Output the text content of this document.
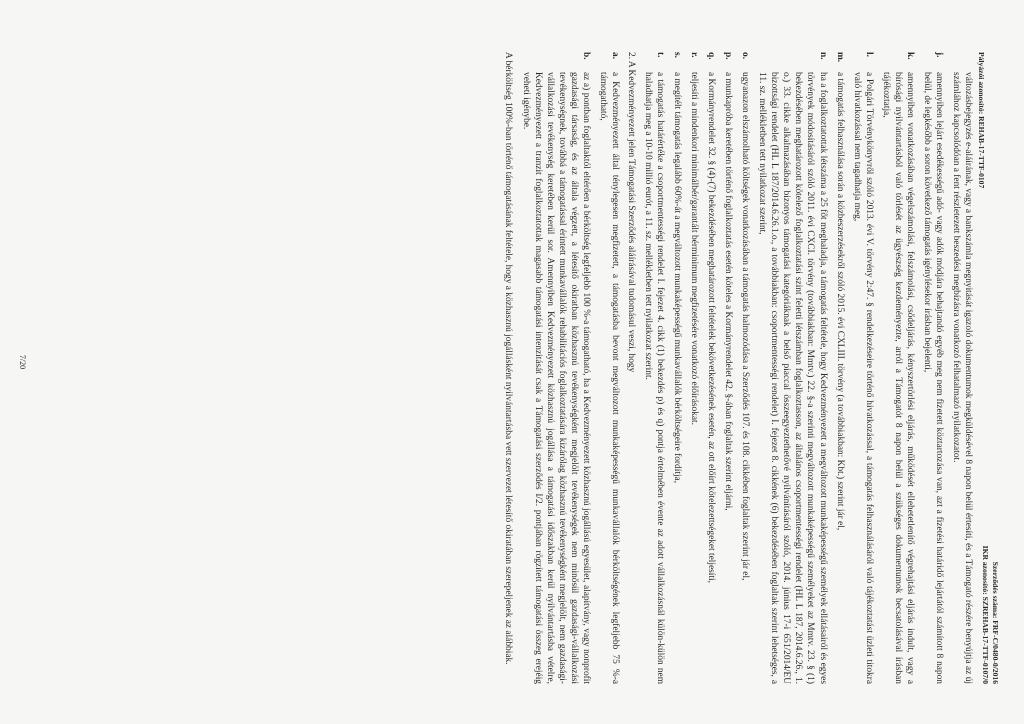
Pályázói azonosító: REHAB-17-TTF-0107
Szerződés száma: FRF-C/0480-0/2016
IKR azonosító: SZREHAB-17-TTF-0107/0
változásbejegyzés e-aláírának, vagy a bankszámla megnyitását igazoló dokumentumok megküldésével 8 napon belül értesíti, és a Támogató részére benyújtja az új számlához kapcsolódóan a fent részletezett beszedési megbízásra vonatkozó felhatalmazó nyilatkozatot.
j.
amennyiben lejárt esedékességű adó- vagy adók módjára behajtandó egyéb meg nem fizetett köztartozása van, azt a fizetési határidő lejártától számított 8 napon belül, de legkésőbb a soron következő támogatás igénylésekor írásban bejelenti,
k.
amennyiben vonatkozásában végelszámolási, felszámolási, csődeljárás, kényszertörlési eljárás, működését ellehetetlenítő végrehajtási eljárás indult, vagy a bírósági nyilvántartásból való törlését az ügyészség kezdeményezte, arról a Támogatót 8 napon belül a szükséges dokumentumok becsatolásával írásban tájékoztatja,
l.
a Polgári Törvénykönyvről szóló 2013. évi V. törvény 2:47. § rendelkezéseire történő hivatkozással, a támogatás felhasználásáról való tájékoztatást üzleti titokra való hivatkozással nem tagadhatja meg,
m.
a támogatás felhasználása során a közbeszerzésekről szóló 2015. évi CXLIII. törvény (a továbbiakban: Kbt.) szerint jár el,
n.
ha a foglalkoztatottak létszáma a 25 főt meghaladja, a támogatás feltétele, hogy Kedvezményezett a megváltozott munkaképességű személyek ellátásairól és egyes törvények módosításáról szóló 2011. évi CXCI. törvény (továbbiakban: Mmtv.) 22. §-a szerinti megváltozott munkaképességű személyeket az Mmtv. 23. § (1) bekezdésében meghatározott kötelező foglalkoztatási szint feletti létszámban foglalkoztasson, az általános csoportmentességi rendelet (HL L 187, 2014.6.26., 1. o.) 33. cikke alkalmazásában bizonyos támogatási kategóriáknak a belső piaccal összeegyeztethetővé nyilvánításáról szóló, 2014. június 17-i 651/2014/EU bizottsági rendelet (HL L 187/2014.6.26.1.o., a továbbiakban: csoportmentességi rendelet) I. fejezet 8. cikkének (6) bekezdésében foglaltak szerint lehetséges, a 11. sz. mellékletben tett nyilatkozat szerint,
o.
ugyanazon elszámolható költségek vonatkozásában a támogatás halmozódása a Szerződés 107. és 108. cikkében foglaltak szerint jár el,
p.
a munkapróba keretében történő foglalkoztatás esetén köteles a Kormányrendelet 42. §-ában foglaltak szerint eljárni,
q.
a Kormányrendelet 32. § (4)-(7) bekezdésében meghatározott feltételek bekövetkezésének esetén, az ott előírt kötelezettségeket teljesíti,
r.
teljesíti a mindenkori minimálbér/garantált bérminimum megfizetésére vonatkozó előírásokat.
s.
a megítélt támogatás legalább 60%-át a megváltozott munkaképességű munkavállalók bérköltségeire fordítja,
t.
a támogatás határértéke a csoportmentességi rendelet I. fejezet 4. cikk (1) bekezdés p) és q) pontja értelmében évente az adott vállalkozásnál külön-külön nem haladhatja meg a 10-10 millió eurót, a 11. sz. mellékletben tett nyilatkozat szerint.
2. A Kedvezményezett jelen Támogatási Szerződés aláírásával tudomásul veszi, hogy
a.
a Kedvezményezett által ténylegesen megfizetett, a támogatásba bevont megváltozott munkaképességű munkavállalók bérköltségének legfeljebb 75 %-a támogatható,
b.
az a) pontban foglaltaktól eltérően a bérköltség legfeljebb 100 %-a támogatható, ha a Kedvezményezett közhasznú jogállású egyesület, alapítvány, vagy nonprofit gazdasági társaság, és az általa végzett, a létesítő okiratban közhasznú tevékenységként megjelölt tevékenységek nem minősül gazdasági-vállalkozási tevékenységnek, továbbá a támogatással érintett munkavállalók rehabilitációs foglalkoztatására kizárólag közhasznú tevékenységként megjelölt, nem gazdasági-vállalkozási tevékenység keretében kerül sor. Amennyiben Kedvezményezett közhasznú jogállása a támogatási időszakban kerül nyilvántartásba vételre, Kedvezményezett a tranzit foglalkoztatottak magasabb támogatási intenzitását csak a Támogatási szerződés I/2. pontjában rögzített támogatási összeg erejéig veheti igénybe.
A bérköltség 100%-ban történő támogatásának feltétele, hogy a közhasznú jogállásként nyilvántartásba vett szervezet létesítő okiratában szerepeljenek az alábbiak.
7/20
